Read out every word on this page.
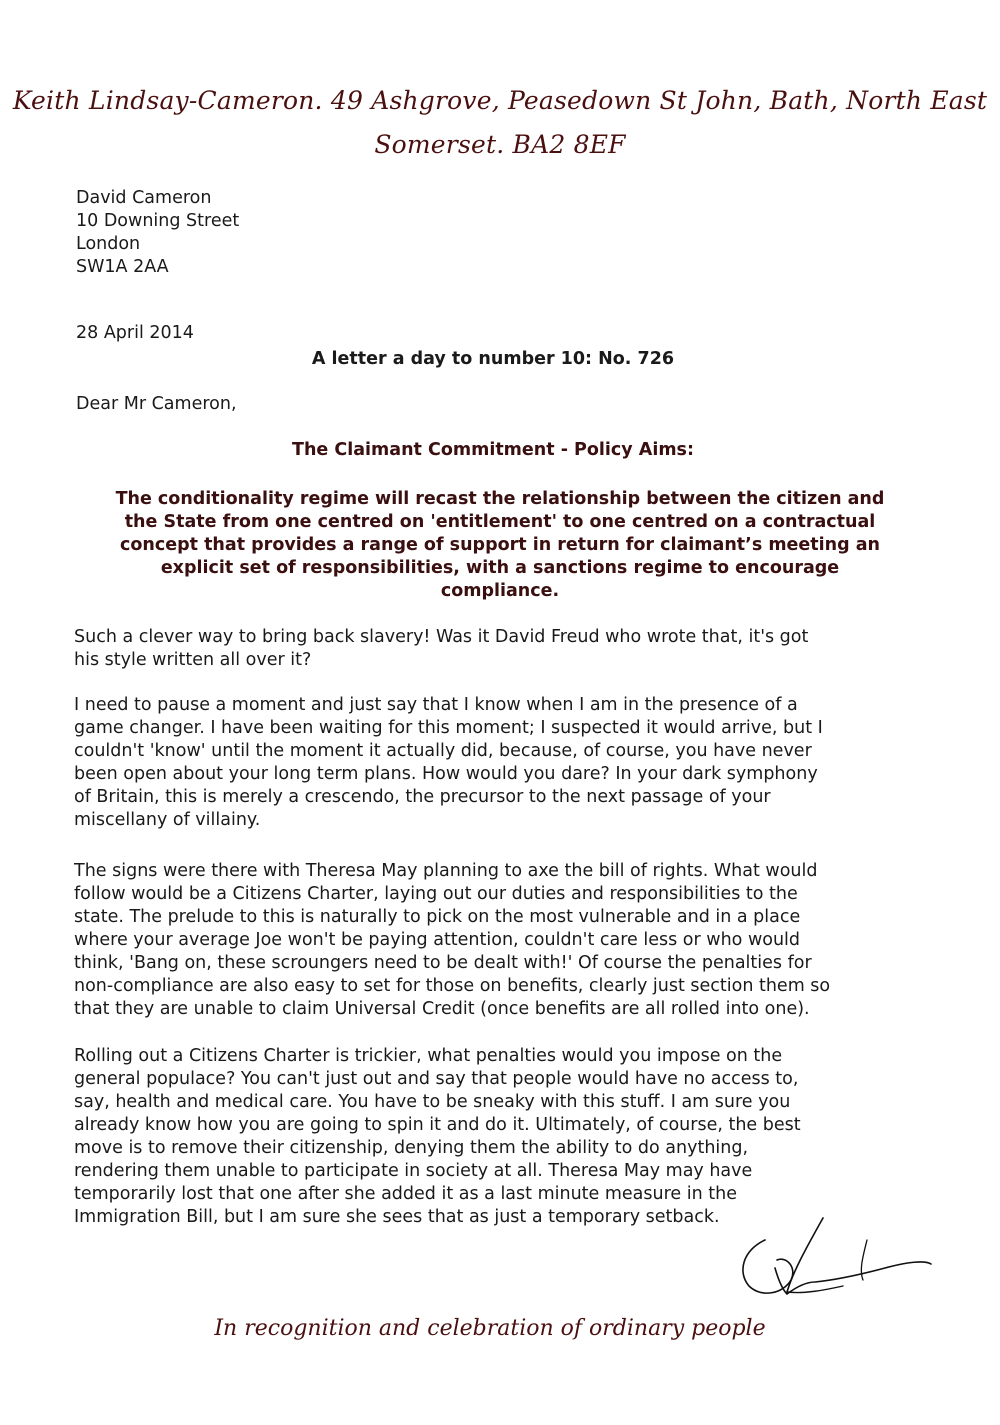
Keith Lindsay-Cameron. 49 Ashgrove, Peasedown St John, Bath, North East
Somerset. BA2 8EF
David Cameron
10 Downing Street
London
SW1A 2AA
28 April 2014
A letter a day to number 10: No. 726
Dear Mr Cameron,
The Claimant Commitment - Policy Aims:
The conditionality regime will recast the relationship between the citizen and
the State from one centred on 'entitlement' to one centred on a contractual
concept that provides a range of support in return for claimant’s meeting an
explicit set of responsibilities, with a sanctions regime to encourage
compliance.
Such a clever way to bring back slavery! Was it David Freud who wrote that, it's got
his style written all over it?
I need to pause a moment and just say that I know when I am in the presence of a
game changer. I have been waiting for this moment; I suspected it would arrive, but I
couldn't 'know' until the moment it actually did, because, of course, you have never
been open about your long term plans. How would you dare? In your dark symphony
of Britain, this is merely a crescendo, the precursor to the next passage of your
miscellany of villainy.
The signs were there with Theresa May planning to axe the bill of rights. What would
follow would be a Citizens Charter, laying out our duties and responsibilities to the
state. The prelude to this is naturally to pick on the most vulnerable and in a place
where your average Joe won't be paying attention, couldn't care less or who would
think, 'Bang on, these scroungers need to be dealt with!' Of course the penalties for
non-compliance are also easy to set for those on benefits, clearly just section them so
that they are unable to claim Universal Credit (once benefits are all rolled into one).
Rolling out a Citizens Charter is trickier, what penalties would you impose on the
general populace? You can't just out and say that people would have no access to,
say, health and medical care. You have to be sneaky with this stuff. I am sure you
already know how you are going to spin it and do it. Ultimately, of course, the best
move is to remove their citizenship, denying them the ability to do anything,
rendering them unable to participate in society at all. Theresa May may have
temporarily lost that one after she added it as a last minute measure in the
Immigration Bill, but I am sure she sees that as just a temporary setback.
In recognition and celebration of ordinary people
